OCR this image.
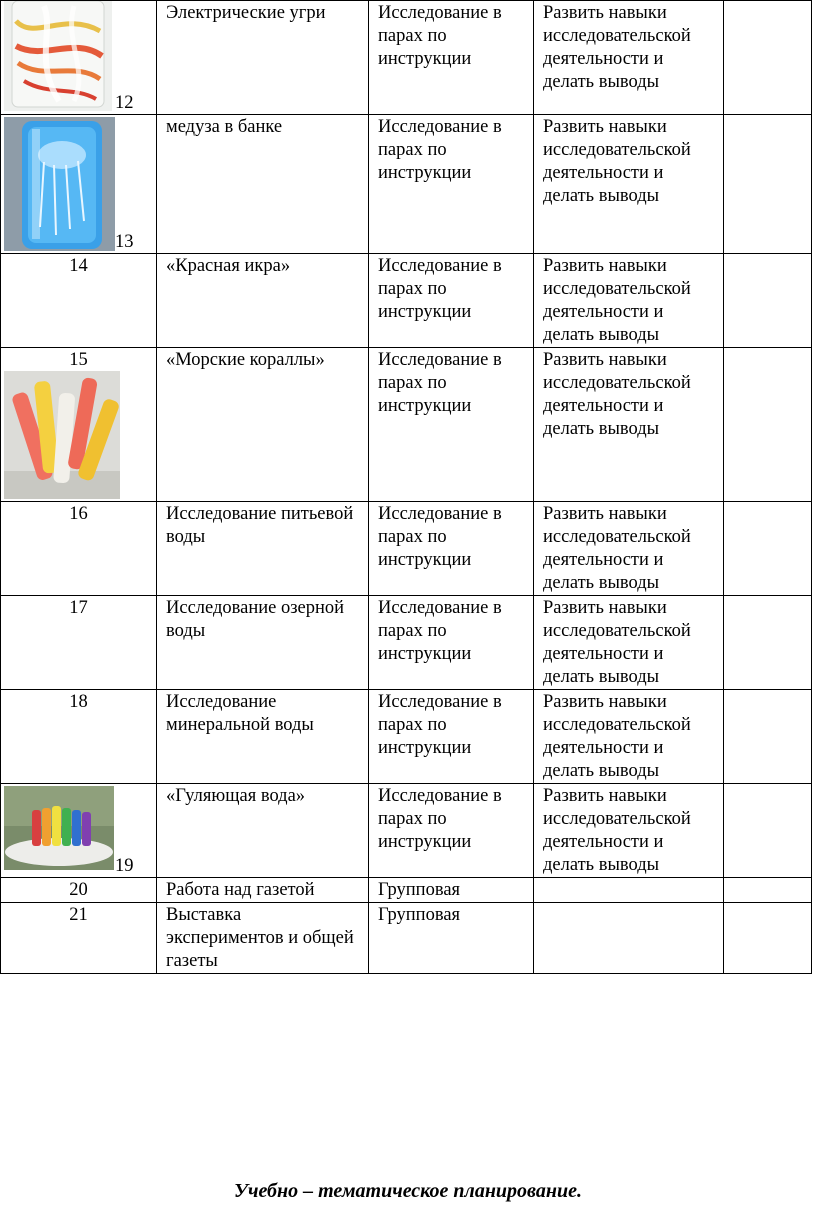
12	Электрические угри	Исследование в парах по инструкции	Развить навыки исследовательской деятельности и делать выводы	

13	медуза в банке	Исследование в парах по инструкции	Развить навыки исследовательской деятельности и делать выводы	
14	«Красная икра»	Исследование в парах по инструкции	Развить навыки исследовательской деятельности и делать выводы	

15	«Морские кораллы»	Исследование в парах по инструкции	Развить навыки исследовательской деятельности и делать выводы	
16	Исследование питьевой воды	Исследование в парах по инструкции	Развить навыки исследовательской деятельности и делать выводы	
17	Исследование озерной воды	Исследование в парах по инструкции	Развить навыки исследовательской деятельности и делать выводы	
18	Исследование минеральной воды	Исследование в парах по инструкции	Развить навыки исследовательской деятельности и делать выводы	

19	«Гуляющая вода»	Исследование в парах по инструкции	Развить навыки исследовательской деятельности и делать выводы	
20	Работа над газетой	Групповая		
21	Выставка экспериментов и общей газеты	Групповая		
Учебно – тематическое планирование.
